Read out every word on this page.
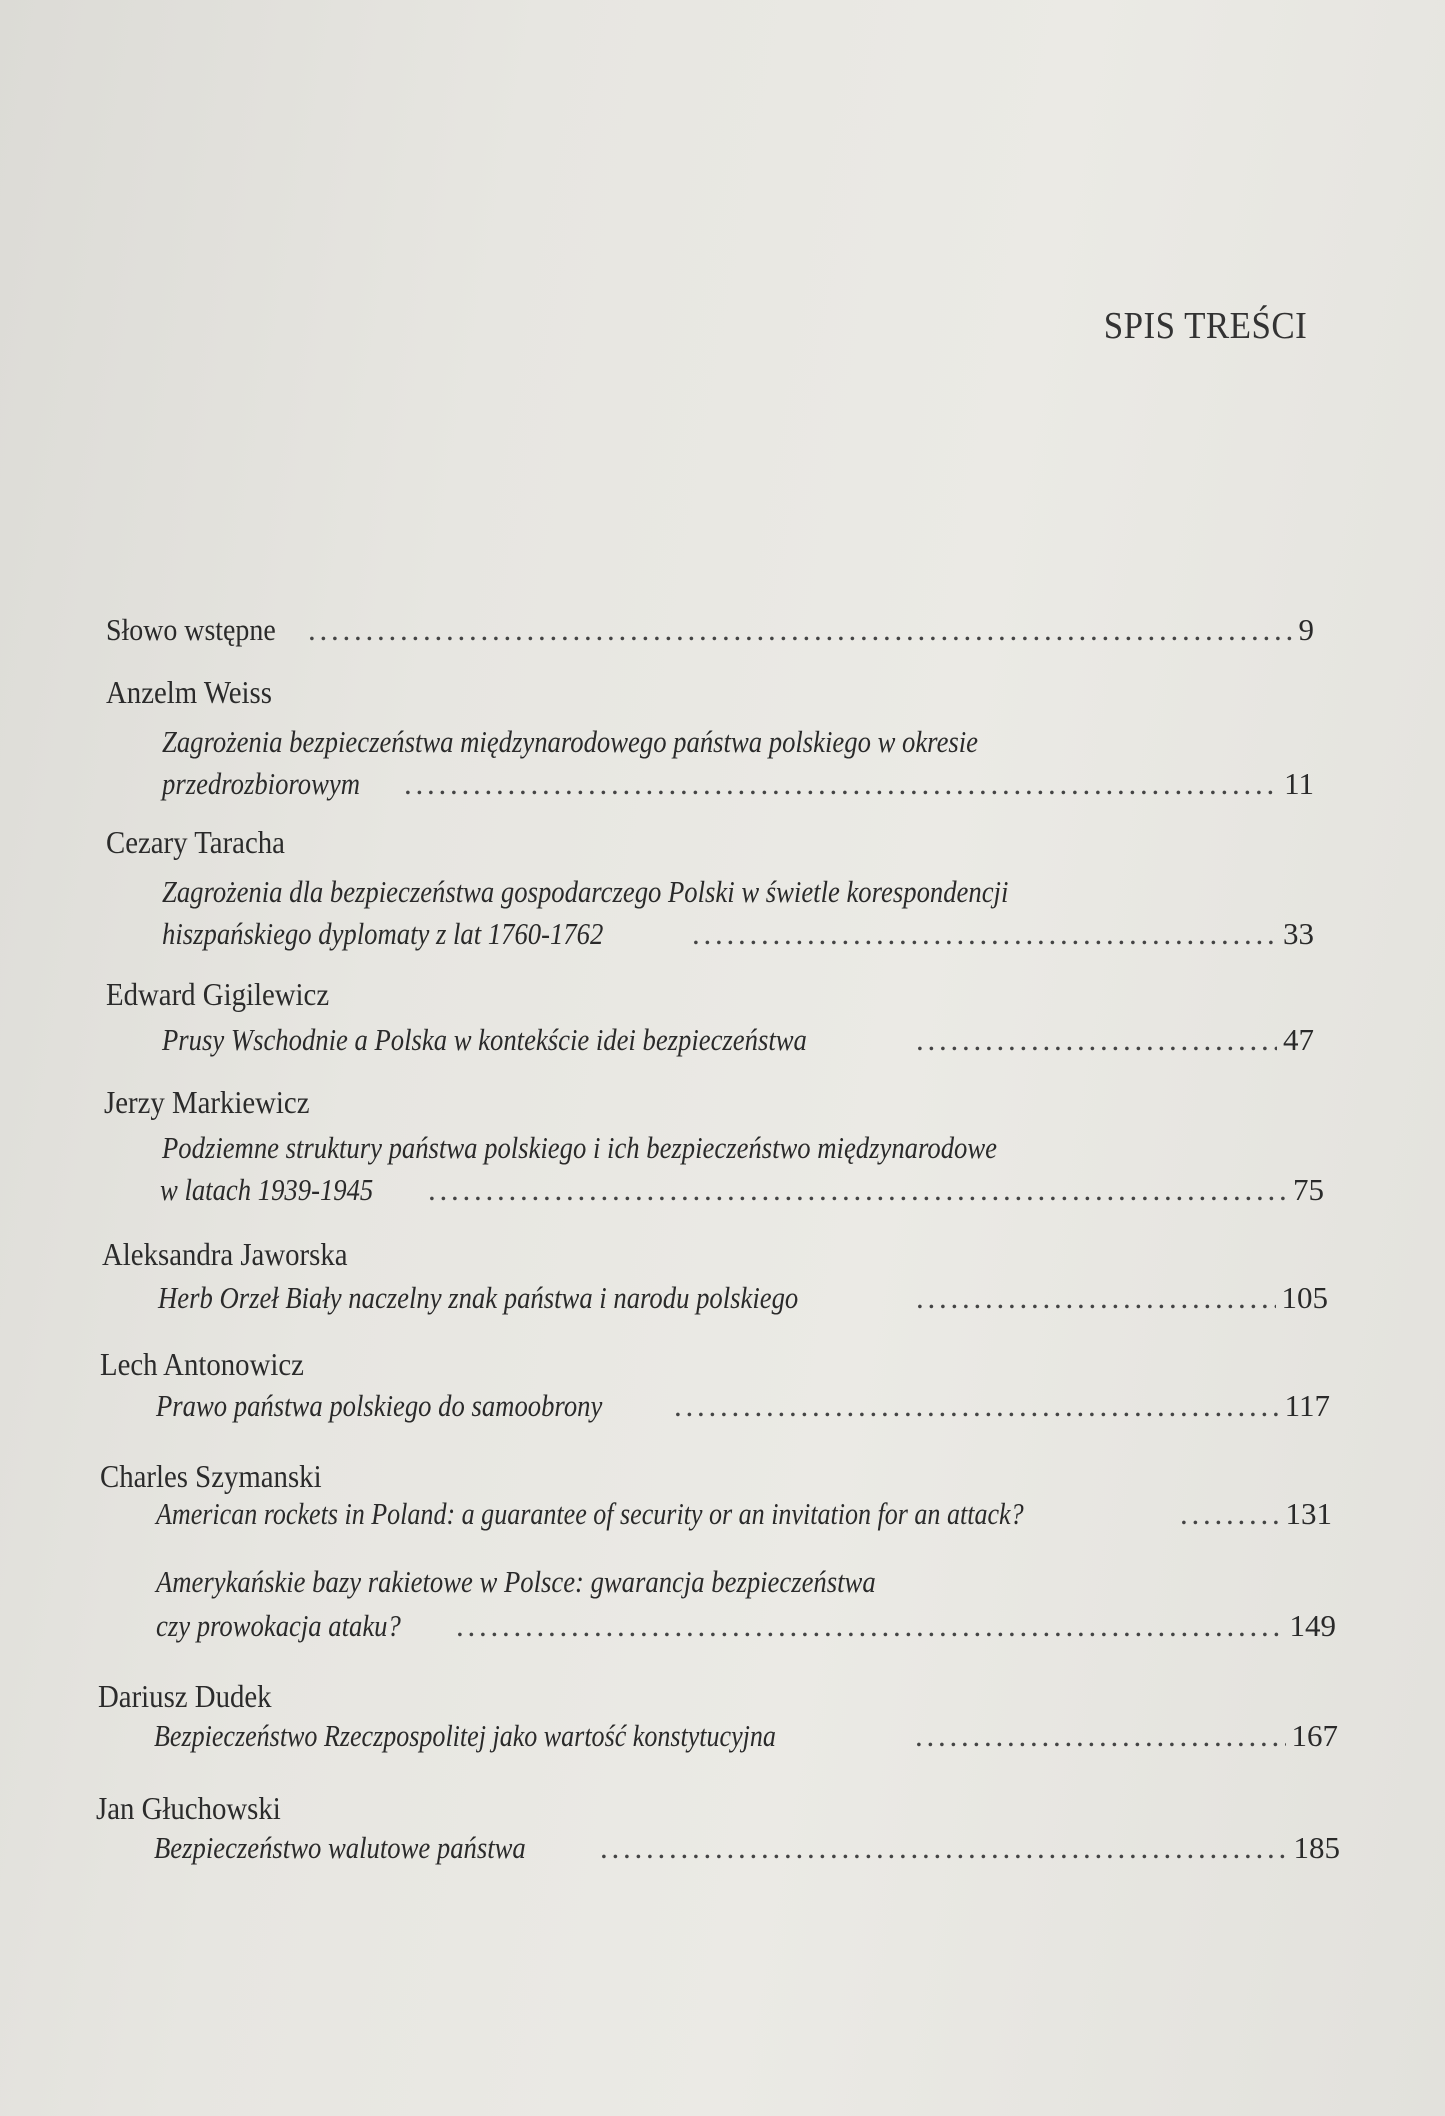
SPIS TREŚCI
Słowo wstępne . . .	9
Anzelm Weiss
Zagrożenia bezpieczeństwa międzynarodowego państwa polskiego w okresie
przedrozbiorowym . . .	11
Cezary Taracha
Zagrożenia dla bezpieczeństwa gospodarczego Polski w świetle korespondencji
hiszpańskiego dyplomaty z lat 1760-1762 . . .	33
Edward Gigilewicz
Prusy Wschodnie a Polska w kontekście idei bezpieczeństwa . . .	47
Jerzy Markiewicz
Podziemne struktury państwa polskiego i ich bezpieczeństwo międzynarodowe
w latach 1939-1945 . . .	75
Aleksandra Jaworska
Herb Orzeł Biały naczelny znak państwa i narodu polskiego . . .	105
Lech Antonowicz
Prawo państwa polskiego do samoobrony . . .	117
Charles Szymanski
American rockets in Poland: a guarantee of security or an invitation for an attack? . . .	131
Amerykańskie bazy rakietowe w Polsce: gwarancja bezpieczeństwa
czy prowokacja ataku? . . .	149
Dariusz Dudek
Bezpieczeństwo Rzeczpospolitej jako wartość konstytucyjna . . .	167
Jan Głuchowski
Bezpieczeństwo walutowe państwa . . .	185
